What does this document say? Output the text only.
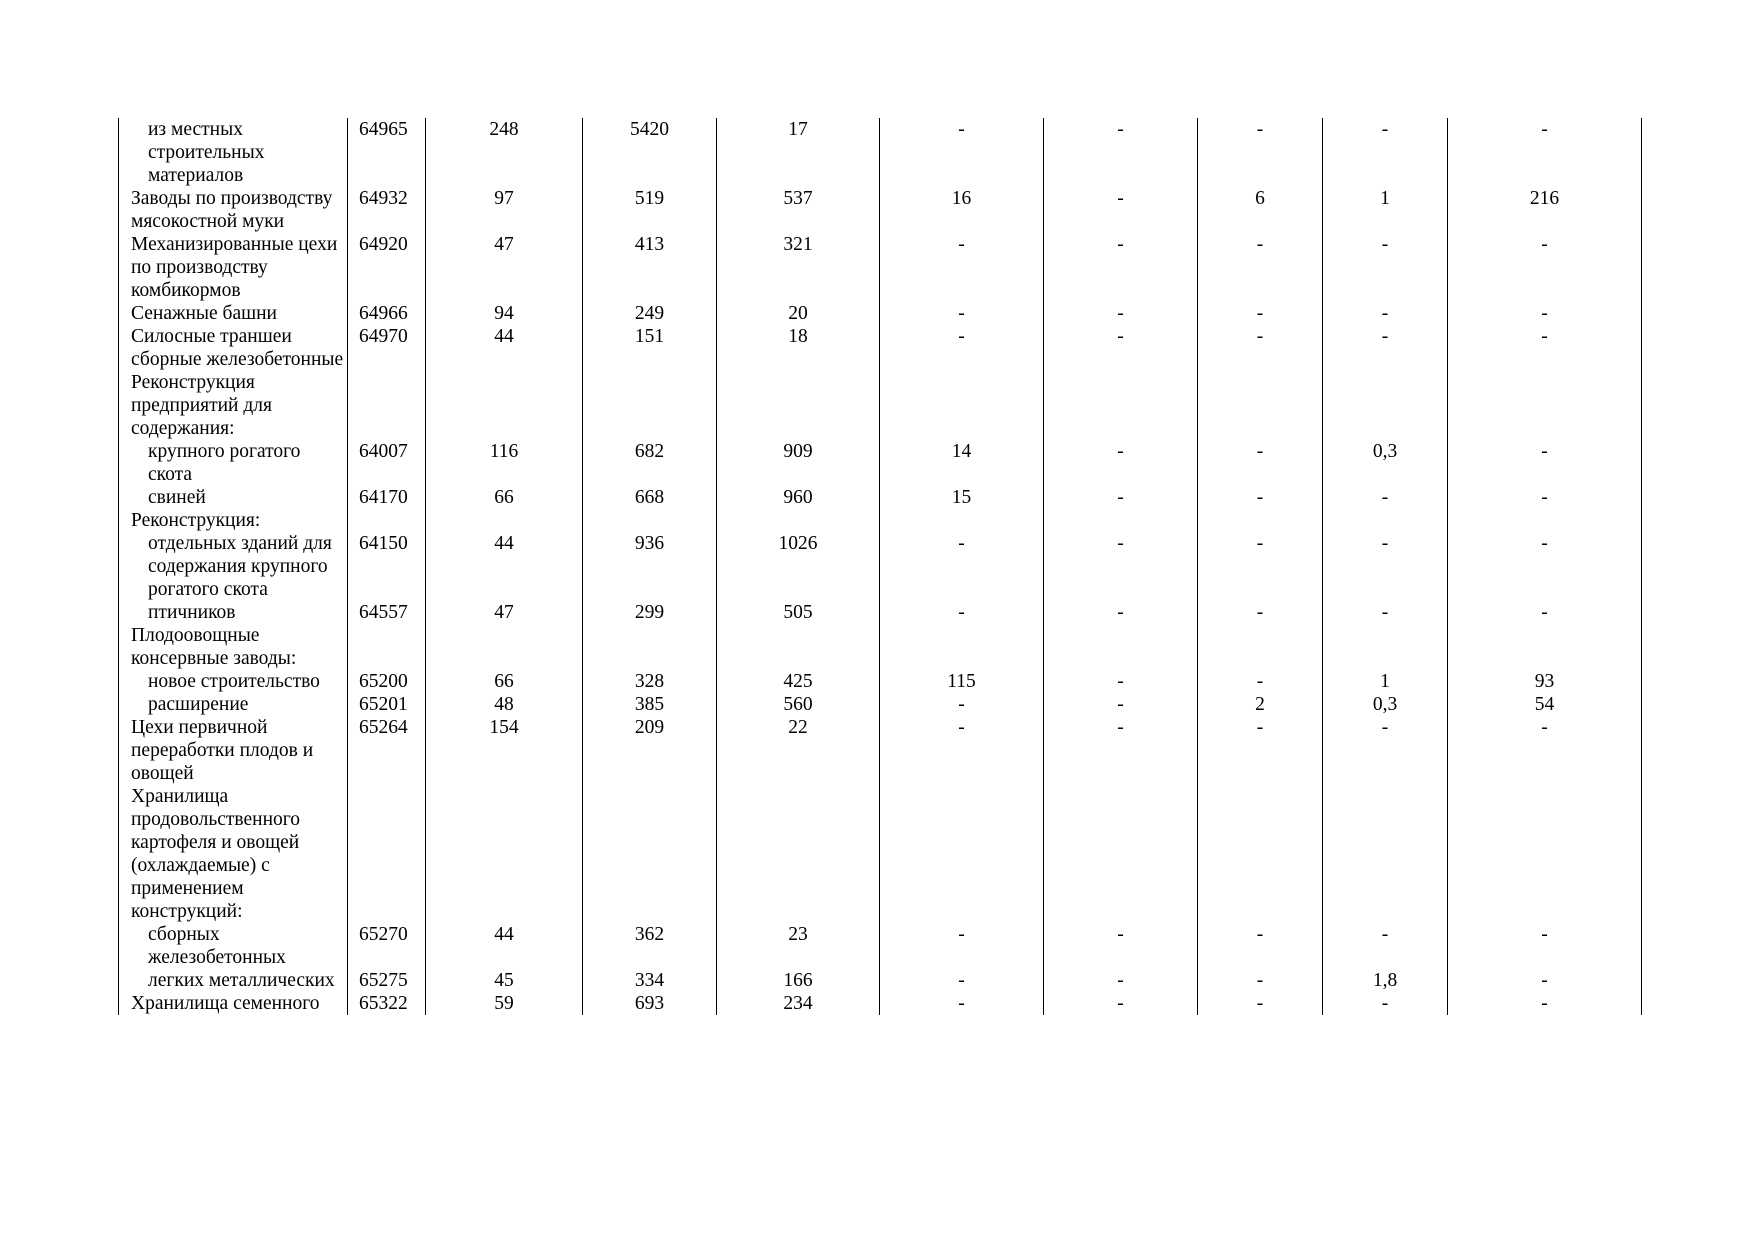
из местных строительных материалов	64965	248	5420	17	-	-	-	-	-
Заводы по производству мясокостной муки	64932	97	519	537	16	-	6	1	216
Механизированные цехи по производству комбикормов	64920	47	413	321	-	-	-	-	-
Сенажные башни	64966	94	249	20	-	-	-	-	-
Силосные траншеи сборные железобетонные	64970	44	151	18	-	-	-	-	-
Реконструкция предприятий для содержания:									
крупного рогатого скота	64007	116	682	909	14	-	-	0,3	-
свиней	64170	66	668	960	15	-	-	-	-
Реконструкция:									
отдельных зданий для содержания крупного рогатого скота	64150	44	936	1026	-	-	-	-	-
птичников	64557	47	299	505	-	-	-	-	-
Плодоовощные консервные заводы:									
новое строительство	65200	66	328	425	115	-	-	1	93
расширение	65201	48	385	560	-	-	2	0,3	54
Цехи первичной переработки плодов и овощей	65264	154	209	22	-	-	-	-	-
Хранилища продовольственного картофеля и овощей (охлаждаемые) с применением конструкций:									
сборных железобетонных	65270	44	362	23	-	-	-	-	-
легких металлических	65275	45	334	166	-	-	-	1,8	-
Хранилища семенного	65322	59	693	234	-	-	-	-	-
